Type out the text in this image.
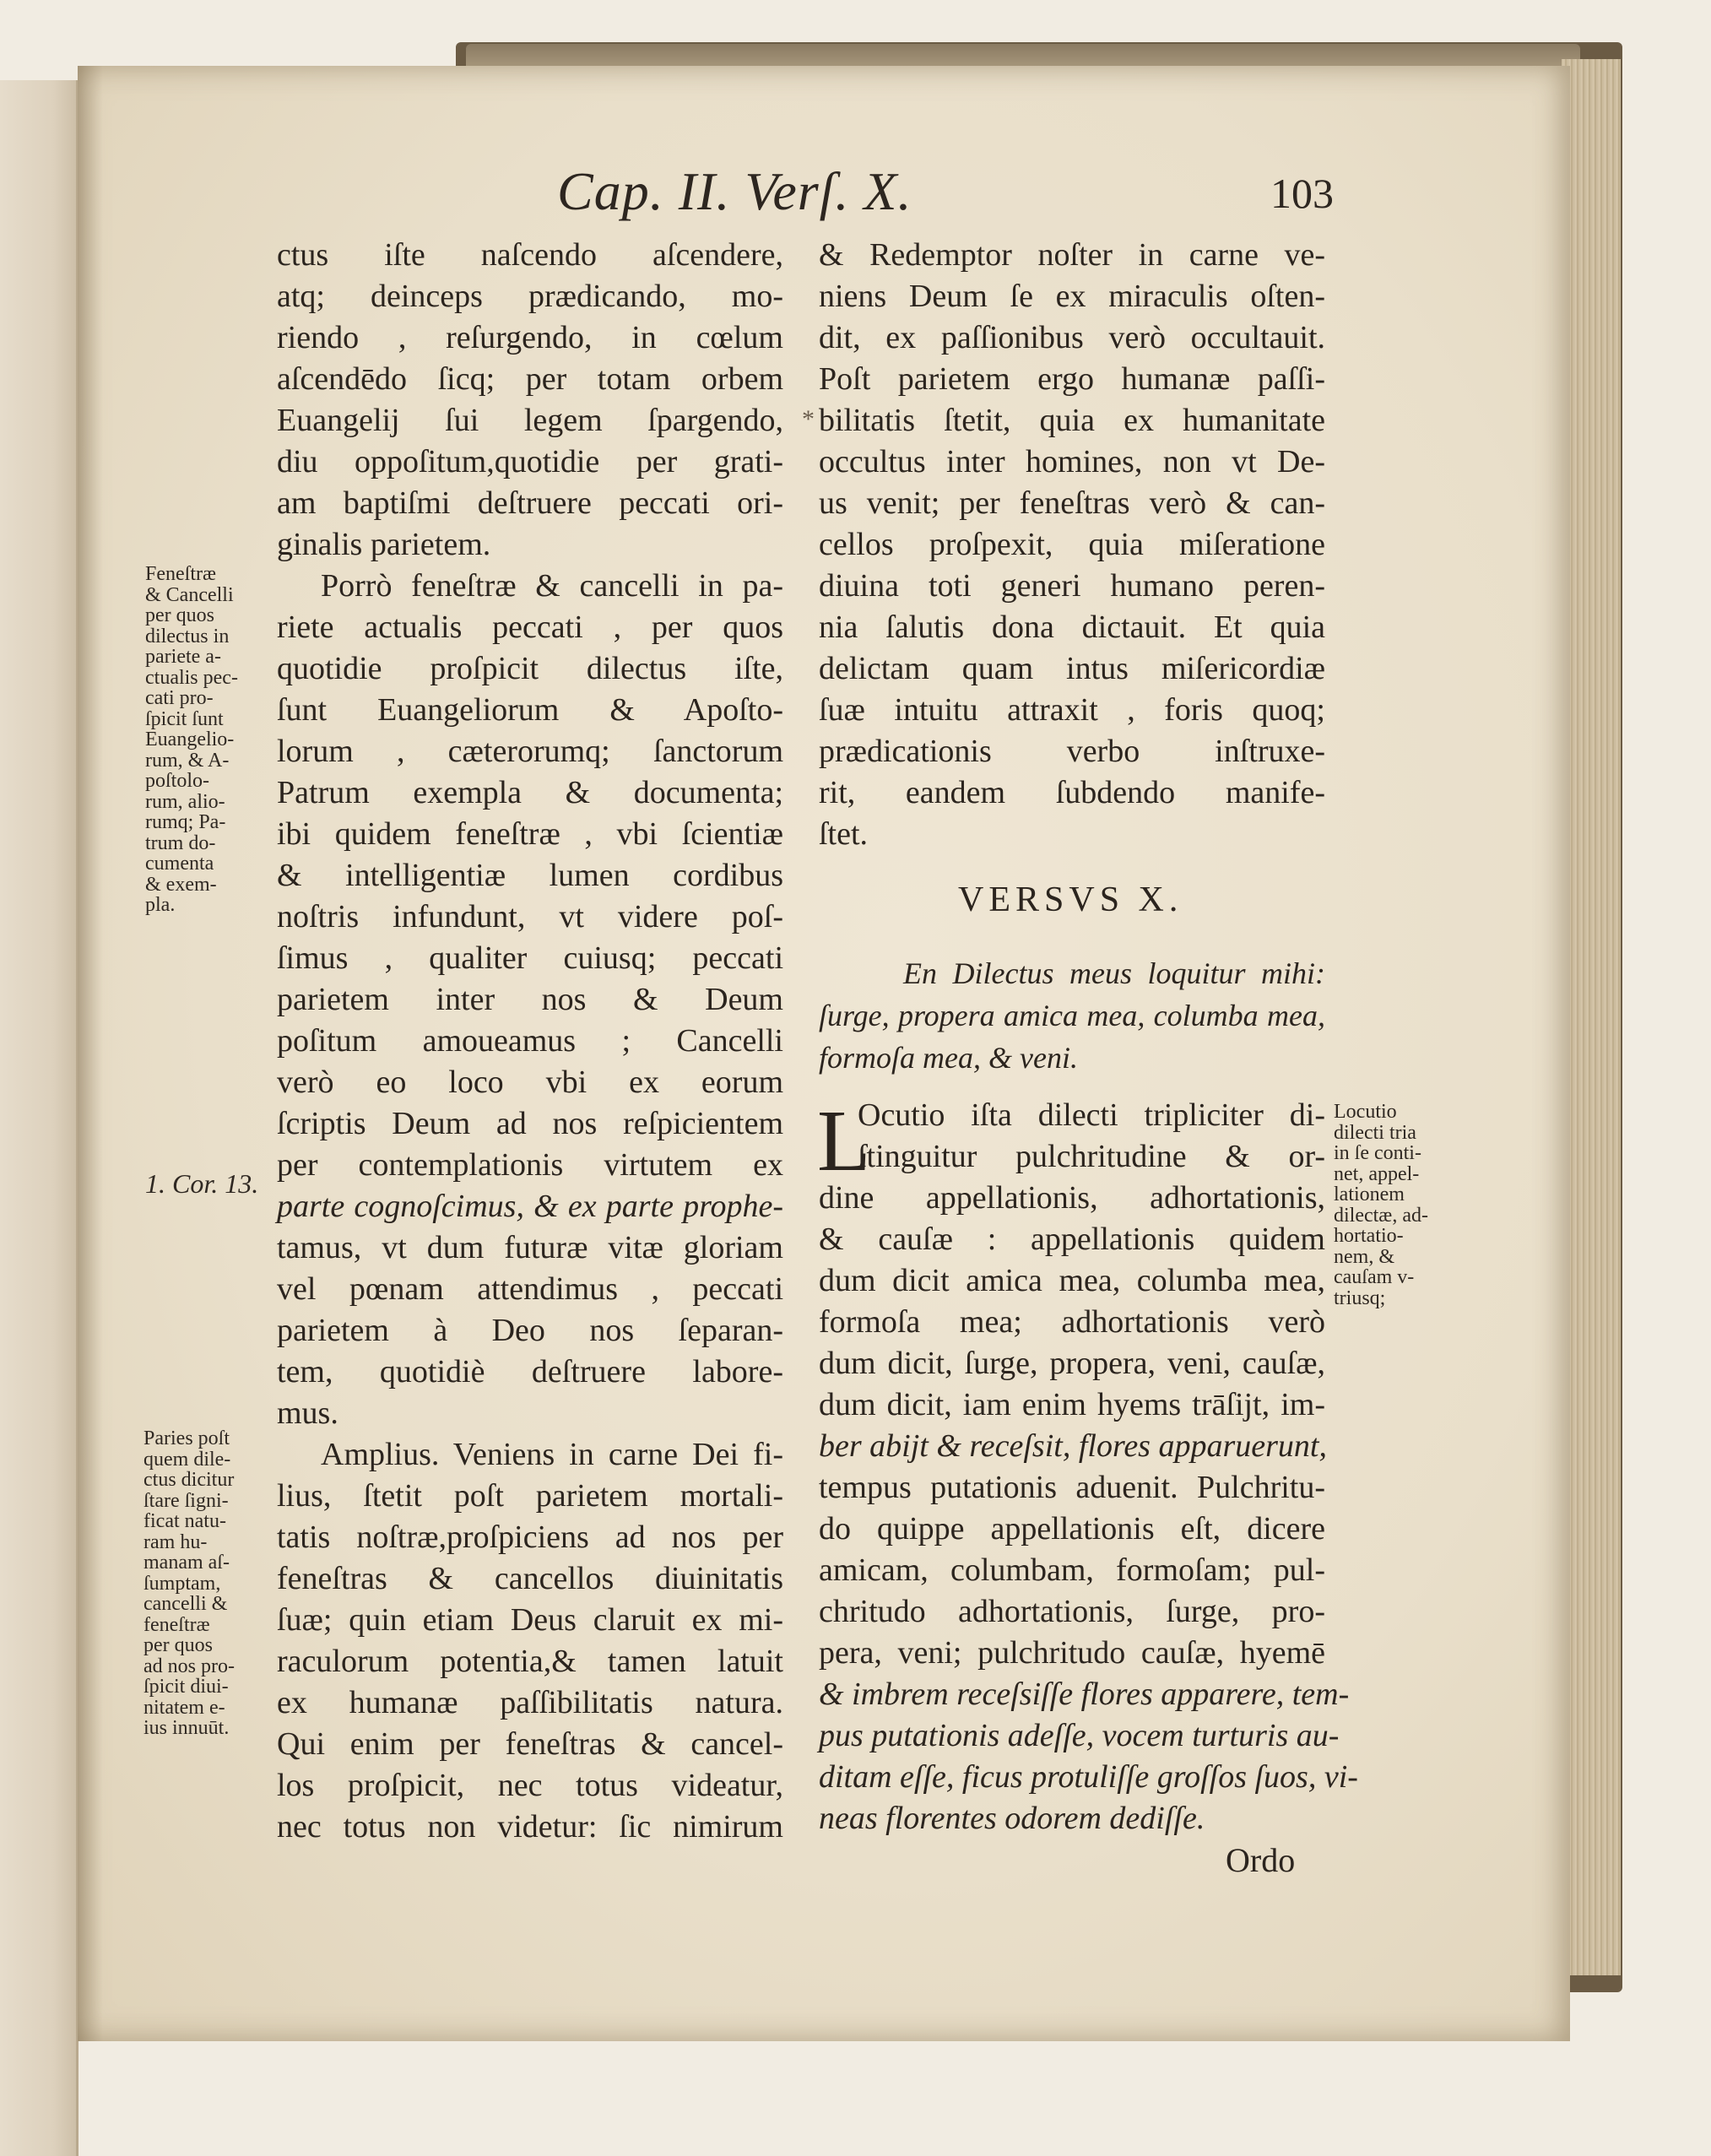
Cap. II. Verſ. X.	103
*
ctus iſte naſcendo aſcendere,
atq; deinceps prædicando, mo-
riendo , reſurgendo, in cœlum
aſcendēdo ſicq; per totam orbem
Euangelij ſui legem ſpargendo,
diu oppoſitum,quotidie per grati-
am baptiſmi deſtruere peccati ori-
ginalis parietem.
Porrò feneſtræ & cancelli in pa-
riete actualis peccati , per quos
quotidie proſpicit dilectus iſte,
ſunt Euangeliorum & Apoſto-
lorum , cæterorumq; ſanctorum
Patrum exempla & documenta;
ibi quidem feneſtræ , vbi ſcientiæ
& intelligentiæ lumen cordibus
noſtris infundunt, vt videre poſ-
ſimus , qualiter cuiusq; peccati
parietem inter nos & Deum
poſitum amoueamus ; Cancelli
verò eo loco vbi ex eorum
ſcriptis Deum ad nos reſpicientem
per contemplationis virtutem ex
parte cognoſcimus, & ex parte prophe-
tamus, vt dum futuræ vitæ gloriam
vel pœnam attendimus , peccati
parietem à Deo nos ſeparan-
tem, quotidiè deſtruere labore-
mus.
Amplius. Veniens in carne Dei fi-
lius, ſtetit poſt parietem mortali-
tatis noſtræ,proſpiciens ad nos per
feneſtras & cancellos diuinitatis
ſuæ; quin etiam Deus claruit ex mi-
raculorum potentia,& tamen latuit
ex humanæ paſſibilitatis natura.
Qui enim per feneſtras & cancel-
los proſpicit, nec totus videatur,
nec totus non videtur: ſic nimirum
& Redemptor noſter in carne ve-
niens Deum ſe ex miraculis oſten-
dit, ex paſſionibus verò occultauit.
Poſt parietem ergo humanæ paſſi-
bilitatis ſtetit, quia ex humanitate
occultus inter homines, non vt De-
us venit; per feneſtras verò & can-
cellos proſpexit, quia miſeratione
diuina toti generi humano peren-
nia ſalutis dona dictauit. Et quia
delictam quam intus miſericordiæ
ſuæ intuitu attraxit , foris quoq;
prædicationis verbo inſtruxe-
rit, eandem ſubdendo manife-
ſtet.
VERSVS X.
En Dilectus meus loquitur mihi:
ſurge, propera amica mea, columba mea,
formoſa mea, & veni.
L
Ocutio iſta dilecti tripliciter di-
ſtinguitur pulchritudine & or-
dine appellationis, adhortationis,
& cauſæ : appellationis quidem
dum dicit amica mea, columba mea,
formoſa mea; adhortationis verò
dum dicit, ſurge, propera, veni, cauſæ,
dum dicit, iam enim hyems trāſijt, im-
ber abijt & receſsit, flores apparuerunt,
tempus putationis aduenit. Pulchritu-
do quippe appellationis eſt, dicere
amicam, columbam, formoſam; pul-
chritudo adhortationis, ſurge, pro-
pera, veni; pulchritudo cauſæ, hyemē
& imbrem receſsiſſe flores apparere, tem-
pus putationis adeſſe, vocem turturis au-
ditam eſſe, ficus protuliſſe groſſos ſuos, vi-
neas florentes odorem dediſſe.
Ordo
Feneſtræ
& Cancelli
per quos
dilectus in
pariete a-
ctualis pec-
cati pro-
ſpicit ſunt
Euangelio-
rum, & A-
poſtolo-
rum, alio-
rumq; Pa-
trum do-
cumenta
& exem-
pla.
1. Cor. 13.
Paries poſt
quem dile-
ctus dicitur
ſtare ſigni-
ficat natu-
ram hu-
manam aſ-
ſumptam,
cancelli &
feneſtræ
per quos
ad nos pro-
ſpicit diui-
nitatem e-
ius innuūt.
Locutio
dilecti tria
in ſe conti-
net, appel-
lationem
dilectæ, ad-
hortatio-
nem, &
cauſam v-
triusq;
